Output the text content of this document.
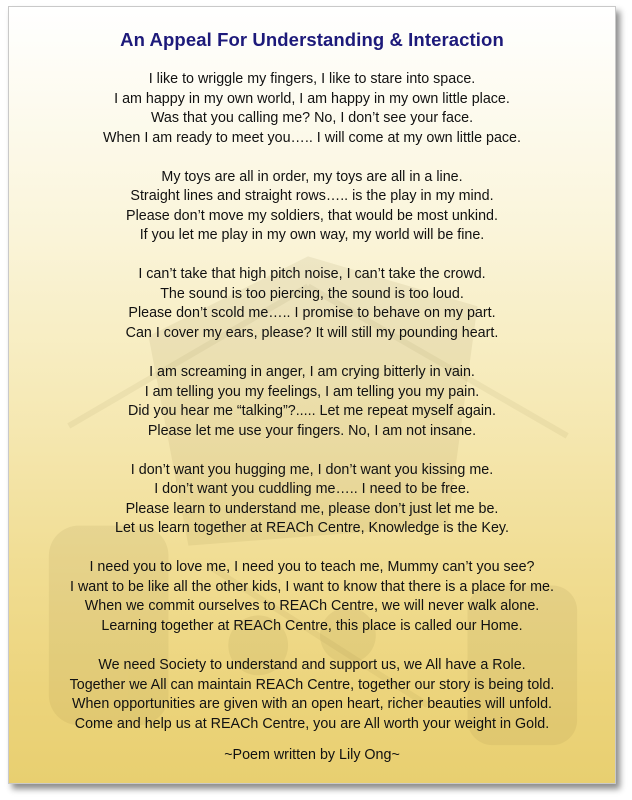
An Appeal For Understanding & Interaction
I like to wriggle my fingers, I like to stare into space.
I am happy in my own world, I am happy in my own little place.
Was that you calling me? No, I don’t see your face.
When I am ready to meet you….. I will come at my own little pace.
My toys are all in order, my toys are all in a line.
Straight lines and straight rows….. is the play in my mind.
Please don’t move my soldiers, that would be most unkind.
If you let me play in my own way, my world will be fine.
I can’t take that high pitch noise, I can’t take the crowd.
The sound is too piercing, the sound is too loud.
Please don’t scold me….. I promise to behave on my part.
Can I cover my ears, please? It will still my pounding heart.
I am screaming in anger, I am crying bitterly in vain.
I am telling you my feelings, I am telling you my pain.
Did you hear me “talking”?..... Let me repeat myself again.
Please let me use your fingers. No, I am not insane.
I don’t want you hugging me, I don’t want you kissing me.
I don’t want you cuddling me….. I need to be free.
Please learn to understand me, please don’t just let me be.
Let us learn together at REACh Centre, Knowledge is the Key.
I need you to love me, I need you to teach me, Mummy can’t you see?
I want to be like all the other kids, I want to know that there is a place for me.
When we commit ourselves to REACh Centre, we will never walk alone.
Learning together at REACh Centre, this place is called our Home.
We need Society to understand and support us, we All have a Role.
Together we All can maintain REACh Centre, together our story is being told.
When opportunities are given with an open heart, richer beauties will unfold.
Come and help us at REACh Centre, you are All worth your weight in Gold.
~Poem written by Lily Ong~
